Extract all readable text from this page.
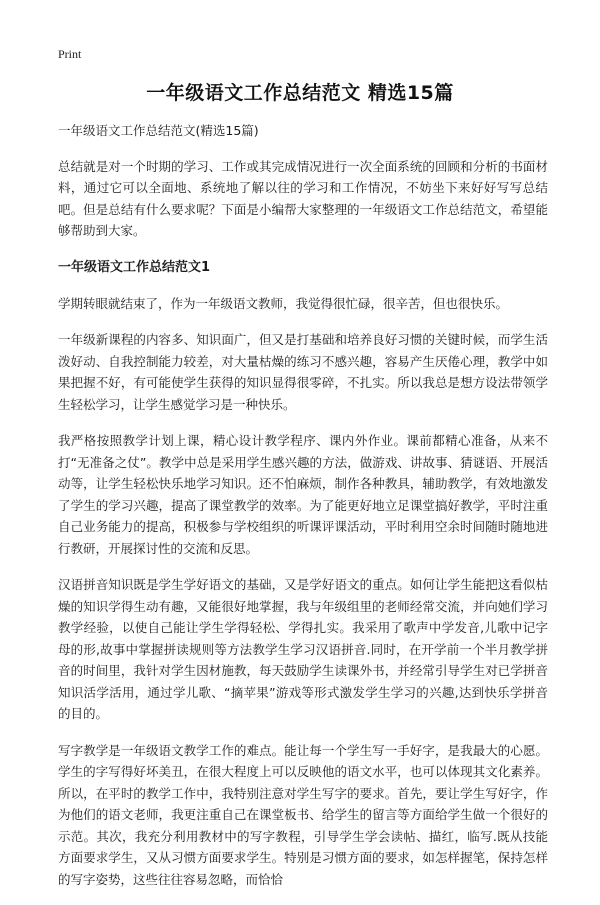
Print
一年级语文工作总结范文 精选15篇

一年级语文工作总结范文(精选15篇)

总结就是对一个时期的学习、工作或其完成情况进行一次全面系统的回顾和分析的书面材料，通过它可以全面地、系统地了解以往的学习和工作情况，不妨坐下来好好写写总结吧。但是总结有什么要求呢？下面是小编帮大家整理的一年级语文工作总结范文，希望能够帮助到大家。

一年级语文工作总结范文1

学期转眼就结束了，作为一年级语文教师，我觉得很忙碌，很辛苦，但也很快乐。

一年级新课程的内容多、知识面广，但又是打基础和培养良好习惯的关键时候，而学生活泼好动、自我控制能力较差，对大量枯燥的练习不感兴趣，容易产生厌倦心理，教学中如果把握不好，有可能使学生获得的知识显得很零碎，不扎实。所以我总是想方设法带领学生轻松学习，让学生感觉学习是一种快乐。

我严格按照教学计划上课，精心设计教学程序、课内外作业。课前都精心准备，从来不打“无准备之仗”。教学中总是采用学生感兴趣的方法，做游戏、讲故事、猜谜语、开展活动等，让学生轻松快乐地学习知识。还不怕麻烦，制作各种教具，辅助教学，有效地激发了学生的学习兴趣，提高了课堂教学的效率。为了能更好地立足课堂搞好教学，平时注重自己业务能力的提高，积极参与学校组织的听课评课活动，平时利用空余时间随时随地进行教研，开展探讨性的交流和反思。

汉语拼音知识既是学生学好语文的基础，又是学好语文的重点。如何让学生能把这看似枯燥的知识学得生动有趣，又能很好地掌握，我与年级组里的老师经常交流，并向她们学习教学经验，以使自己能让学生学得轻松、学得扎实。我采用了歌声中学发音,儿歌中记字母的形,故事中掌握拼读规则等方法教学生学习汉语拼音.同时，在开学前一个半月教学拼音的时间里，我针对学生因材施教，每天鼓励学生读课外书，并经常引导学生对已学拼音知识活学活用，通过学儿歌、“摘苹果”游戏等形式激发学生学习的兴趣,达到快乐学拼音的目的。

写字教学是一年级语文教学工作的难点。能让每一个学生写一手好字，是我最大的心愿。学生的字写得好坏美丑，在很大程度上可以反映他的语文水平，也可以体现其文化素养。所以，在平时的教学工作中，我特别注意对学生写字的要求。首先，要让学生写好字，作为他们的语文老师，我更注重自己在课堂板书、给学生的留言等方面给学生做一个很好的示范。其次，我充分利用教材中的写字教程，引导学生学会读帖、描红，临写.既从技能方面要求学生，又从习惯方面要求学生。特别是习惯方面的要求，如怎样握笔，保持怎样的写字姿势，这些往往容易忽略，而恰恰
